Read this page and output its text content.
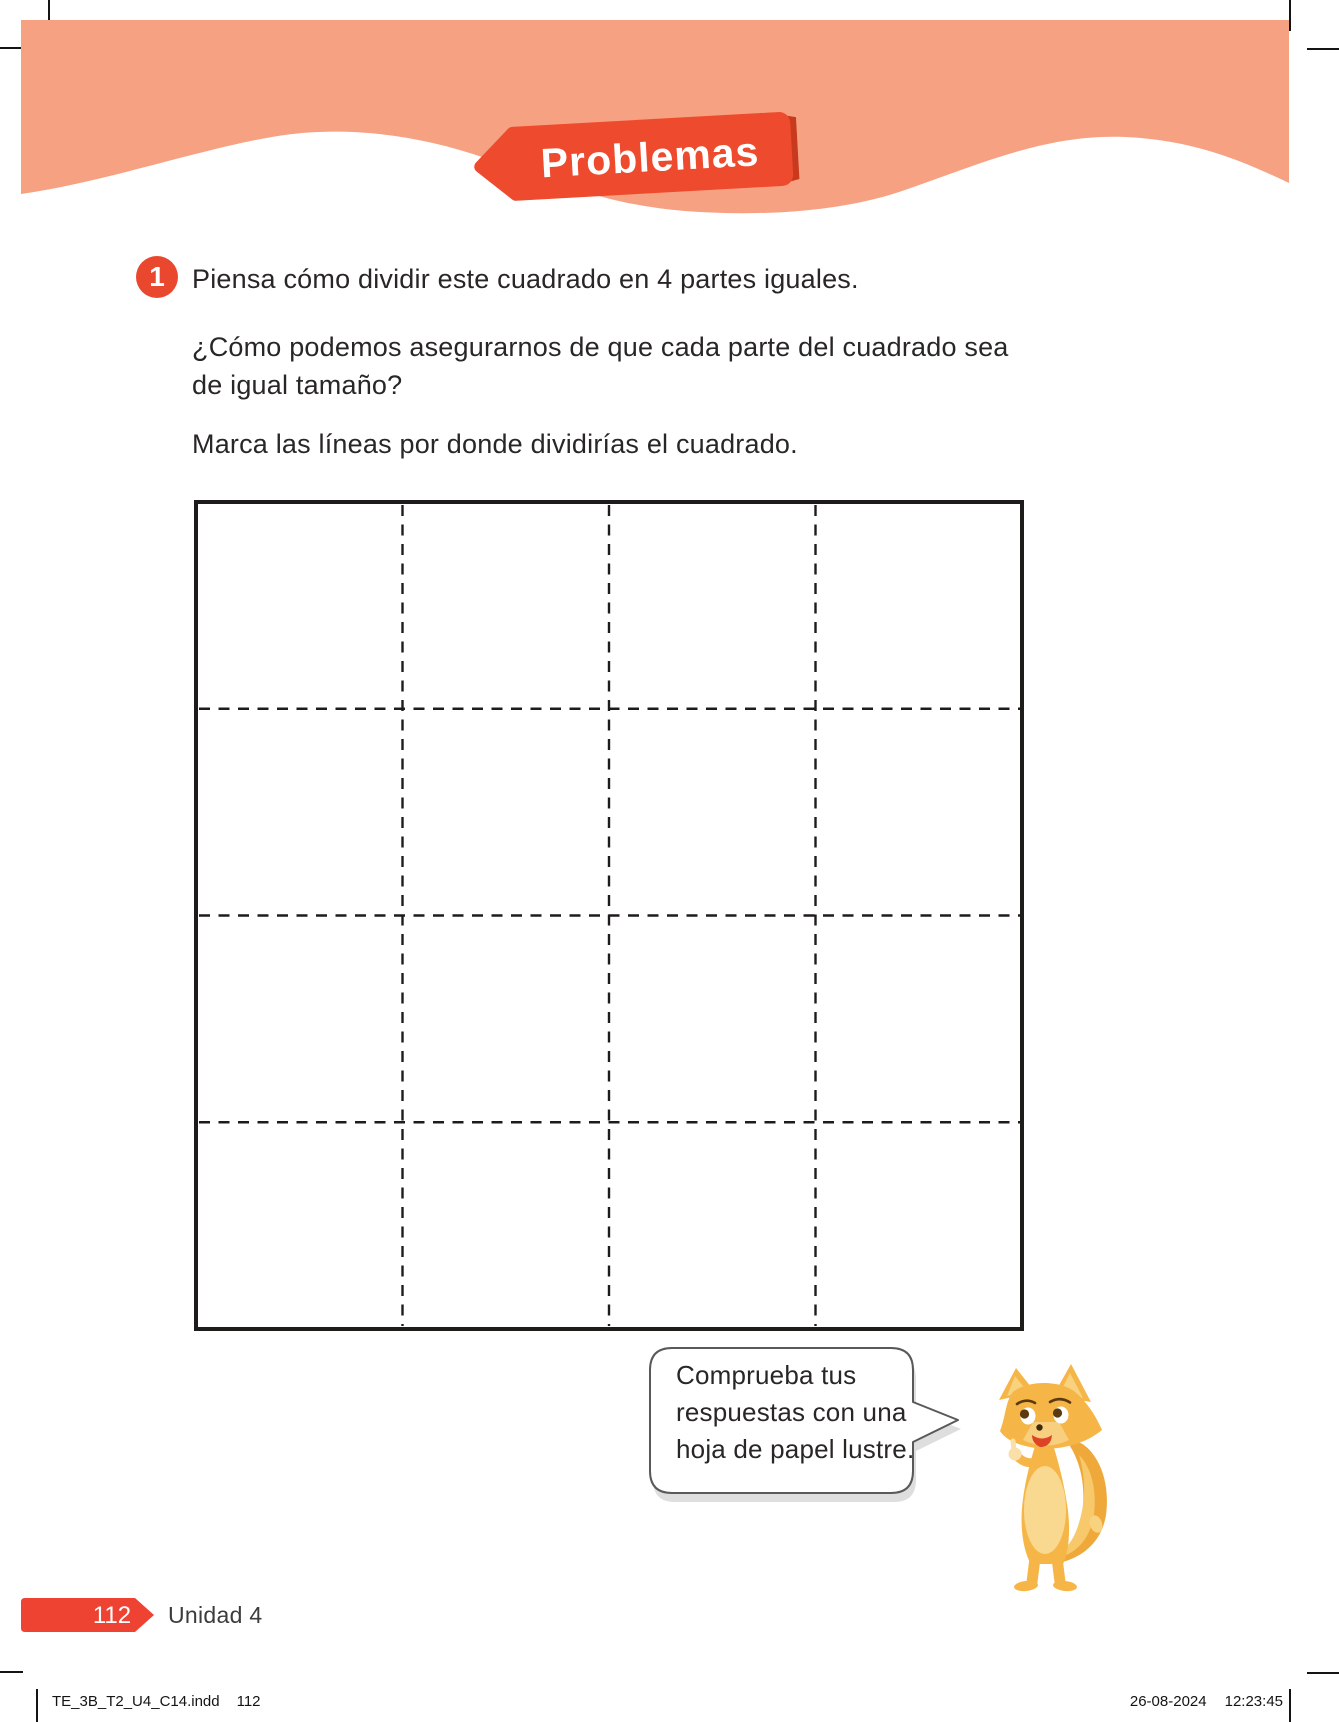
Problemas
1	Piensa cómo dividir este cuadrado en 4 partes iguales.
¿Cómo podemos asegurarnos de que cada parte del cuadrado sea
de igual tamaño?
Marca las líneas por donde dividirías el cuadrado.
Comprueba tus
respuestas con una
hoja de papel lustre.
112 Unidad 4
TE_3B_T2_U4_C14.indd 112	26-08-2024 12:23:45
